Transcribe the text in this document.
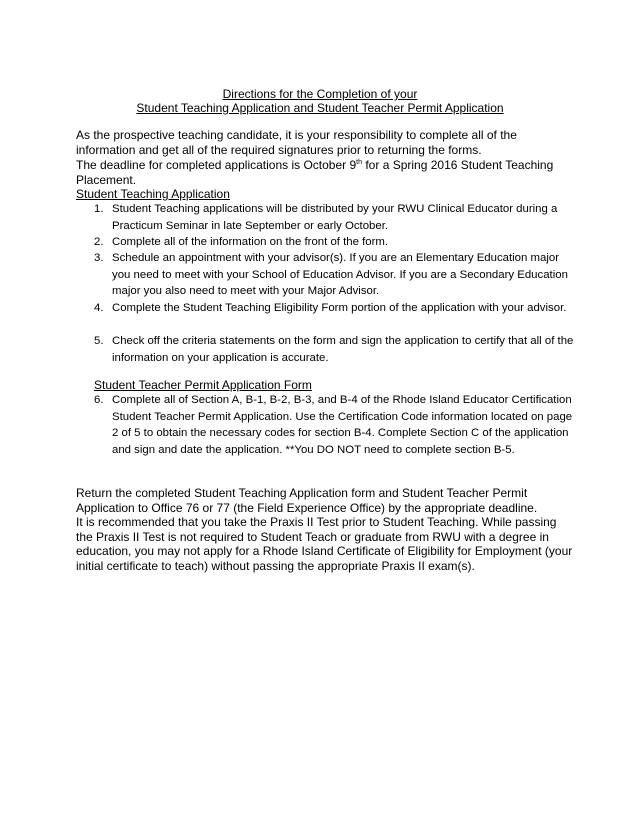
Directions for the Completion of your
Student Teaching Application and Student Teacher Permit Application
As the prospective teaching candidate, it is your responsibility to complete all of the information and get all of the required signatures prior to returning the forms.
The deadline for completed applications is October 9th for a Spring 2016 Student Teaching Placement.
Student Teaching Application
1. Student Teaching applications will be distributed by your RWU Clinical Educator during a Practicum Seminar in late September or early October.
2. Complete all of the information on the front of the form.
3. Schedule an appointment with your advisor(s). If you are an Elementary Education major you need to meet with your School of Education Advisor. If you are a Secondary Education major you also need to meet with your Major Advisor.
4. Complete the Student Teaching Eligibility Form portion of the application with your advisor.
5. Check off the criteria statements on the form and sign the application to certify that all of the information on your application is accurate.
Student Teacher Permit Application Form
6. Complete all of Section A, B-1, B-2, B-3, and B-4 of the Rhode Island Educator Certification Student Teacher Permit Application. Use the Certification Code information located on page 2 of 5 to obtain the necessary codes for section B-4. Complete Section C of the application and sign and date the application. **You DO NOT need to complete section B-5.

Return the completed Student Teaching Application form and Student Teacher Permit Application to Office 76 or 77 (the Field Experience Office) by the appropriate deadline.

It is recommended that you take the Praxis II Test prior to Student Teaching. While passing the Praxis II Test is not required to Student Teach or graduate from RWU with a degree in education, you may not apply for a Rhode Island Certificate of Eligibility for Employment (your initial certificate to teach) without passing the appropriate Praxis II exam(s).
